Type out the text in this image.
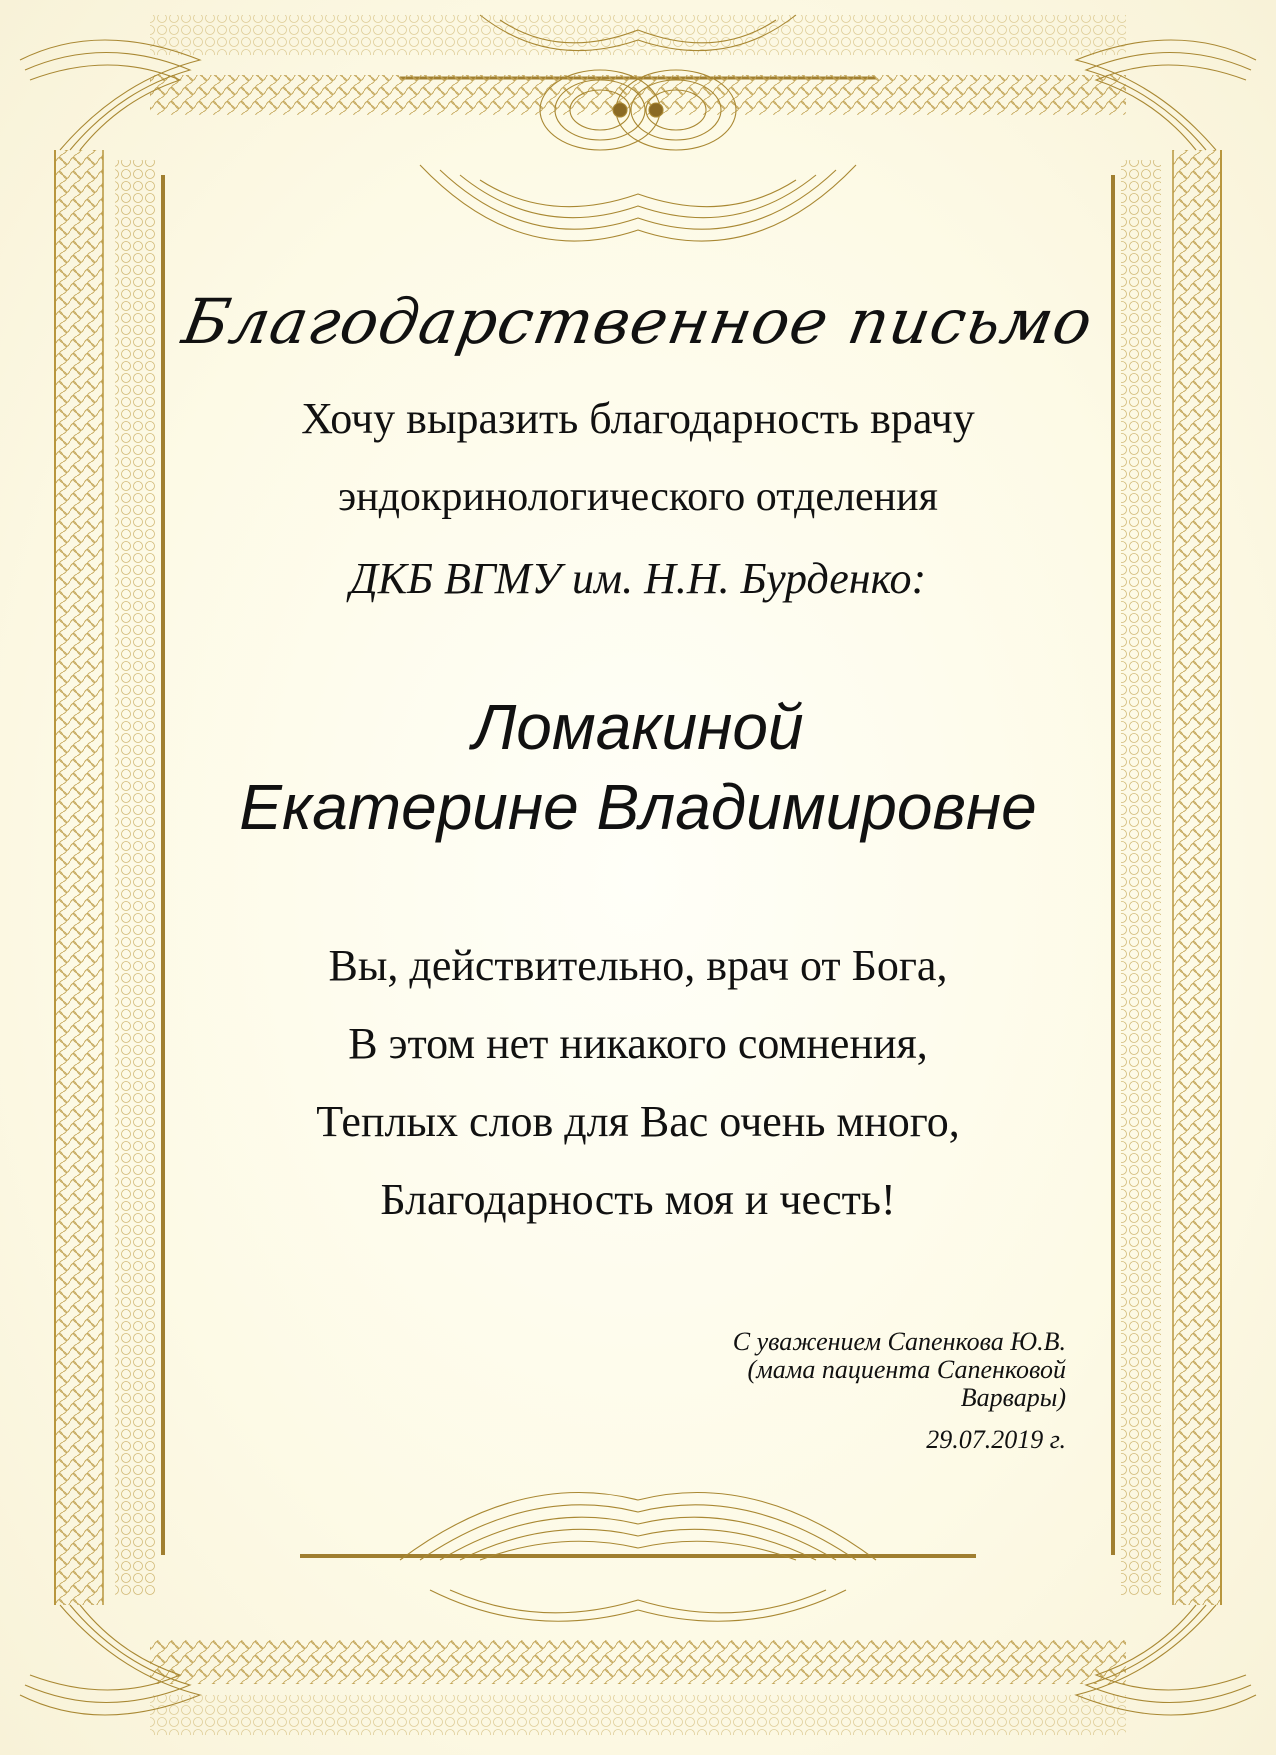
Благодарственное письмо
Хочу выразить благодарность врачу
эндокринологического отделения
ДКБ ВГМУ им. Н.Н. Бурденко:
Ломакиной
Екатерине Владимировне
Вы, действительно, врач от Бога,
В этом нет никакого сомнения,
Теплых слов для Вас очень много,
Благодарность моя и честь!
С уважением Сапенкова Ю.В.
(мама пациента Сапенковой
Варвары)
29.07.2019 г.
